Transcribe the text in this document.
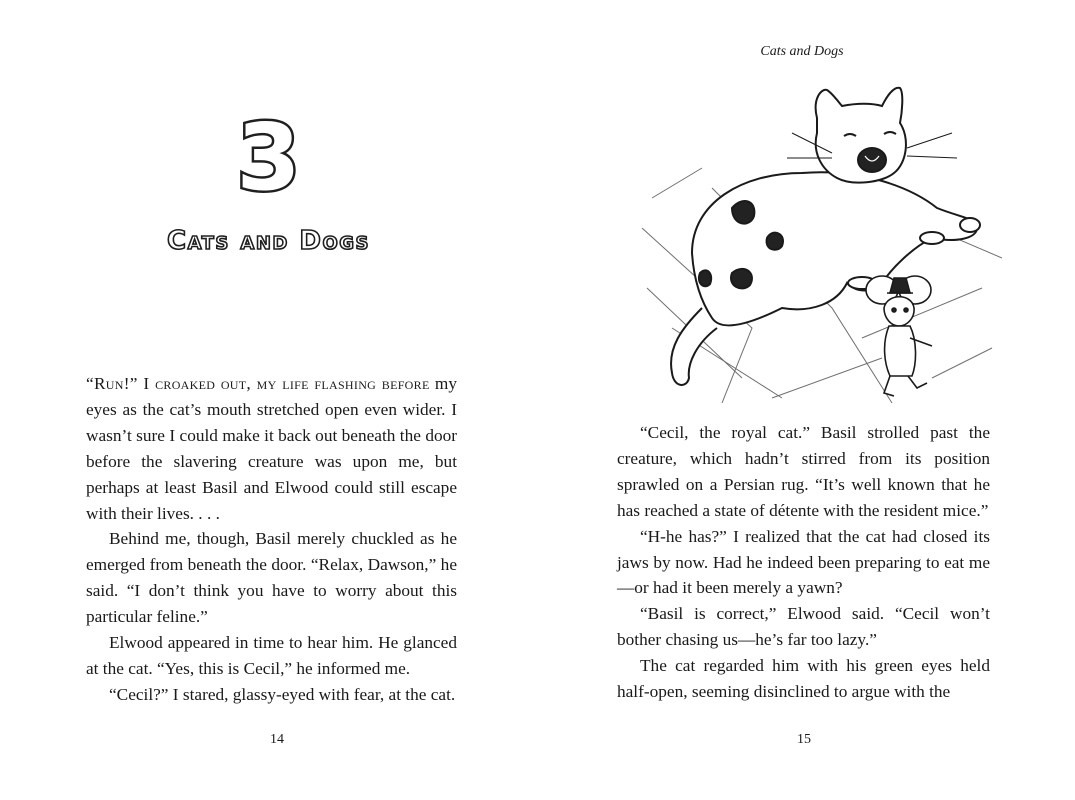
3
Cats and Dogs

“Run!” I croaked out, my life flashing before my eyes as the cat’s mouth stretched open even wider. I wasn’t sure I could make it back out beneath the door before the slavering creature was upon me, but perhaps at least Basil and Elwood could still escape with their lives. . . .

Behind me, though, Basil merely chuckled as he emerged from beneath the door. “Relax, Dawson,” he said. “I don’t think you have to worry about this particular feline.”

Elwood appeared in time to hear him. He glanced at the cat. “Yes, this is Cecil,” he informed me.

“Cecil?” I stared, glassy-eyed with fear, at the cat.

14
Cats and Dogs

“Cecil, the royal cat.” Basil strolled past the creature, which hadn’t stirred from its position sprawled on a Persian rug. “It’s well known that he has reached a state of détente with the resident mice.”

“H-he has?” I realized that the cat had closed its jaws by now. Had he indeed been preparing to eat me—or had it been merely a yawn?

“Basil is correct,” Elwood said. “Cecil won’t bother chasing us—he’s far too lazy.”

The cat regarded him with his green eyes held half-open, seeming disinclined to argue with the

15
